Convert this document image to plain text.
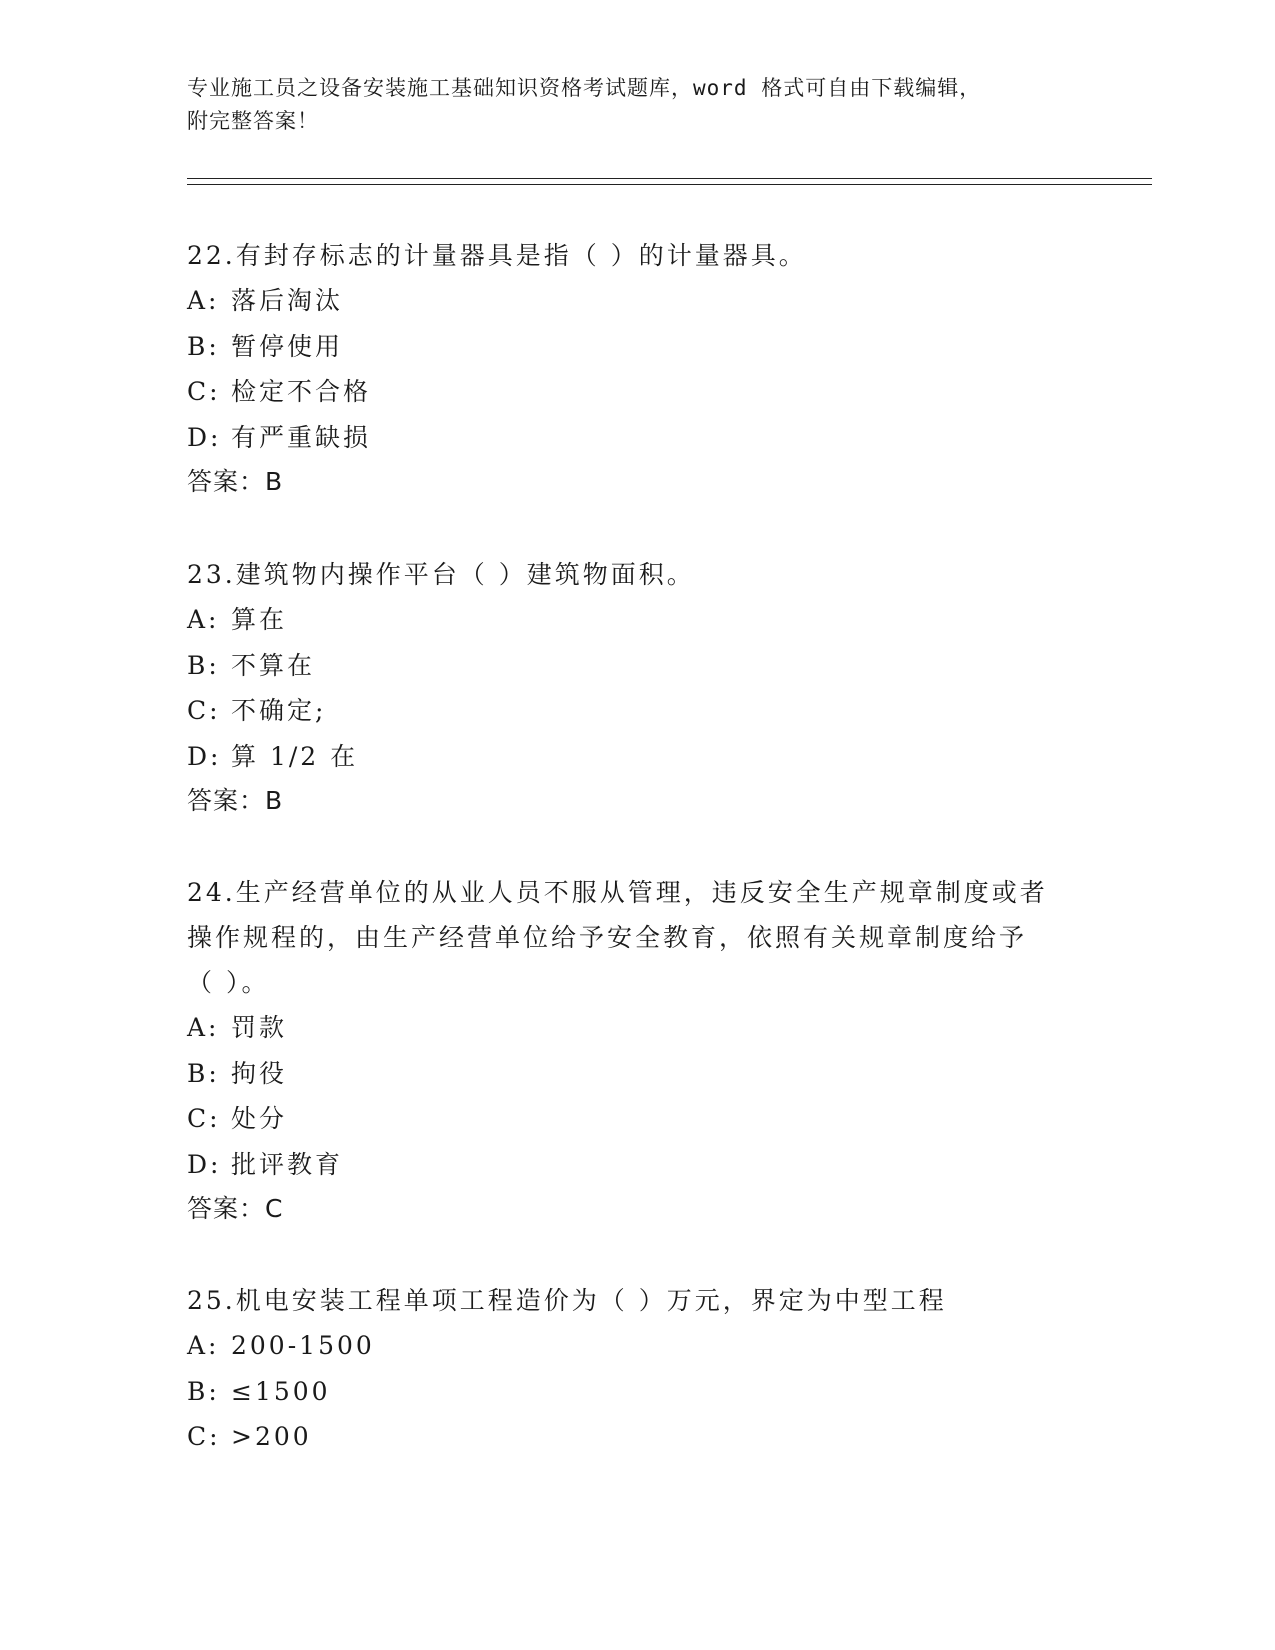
专业施工员之设备安装施工基础知识资格考试题库，word 格式可自由下载编辑，
附完整答案！
22.有封存标志的计量器具是指（ ）的计量器具。
A: 落后淘汰
B: 暂停使用
C: 检定不合格
D: 有严重缺损
答案：B
23.建筑物内操作平台（ ）建筑物面积。
A: 算在
B: 不算在
C: 不确定;
D: 算 1/2 在
答案：B
24.生产经营单位的从业人员不服从管理，违反安全生产规章制度或者
操作规程的，由生产经营单位给予安全教育，依照有关规章制度给予
（ ）。
A: 罚款
B: 拘役
C: 处分
D: 批评教育
答案：C
25.机电安装工程单项工程造价为（ ）万元，界定为中型工程
A: 200-1500
B: ≤1500
C: >200
